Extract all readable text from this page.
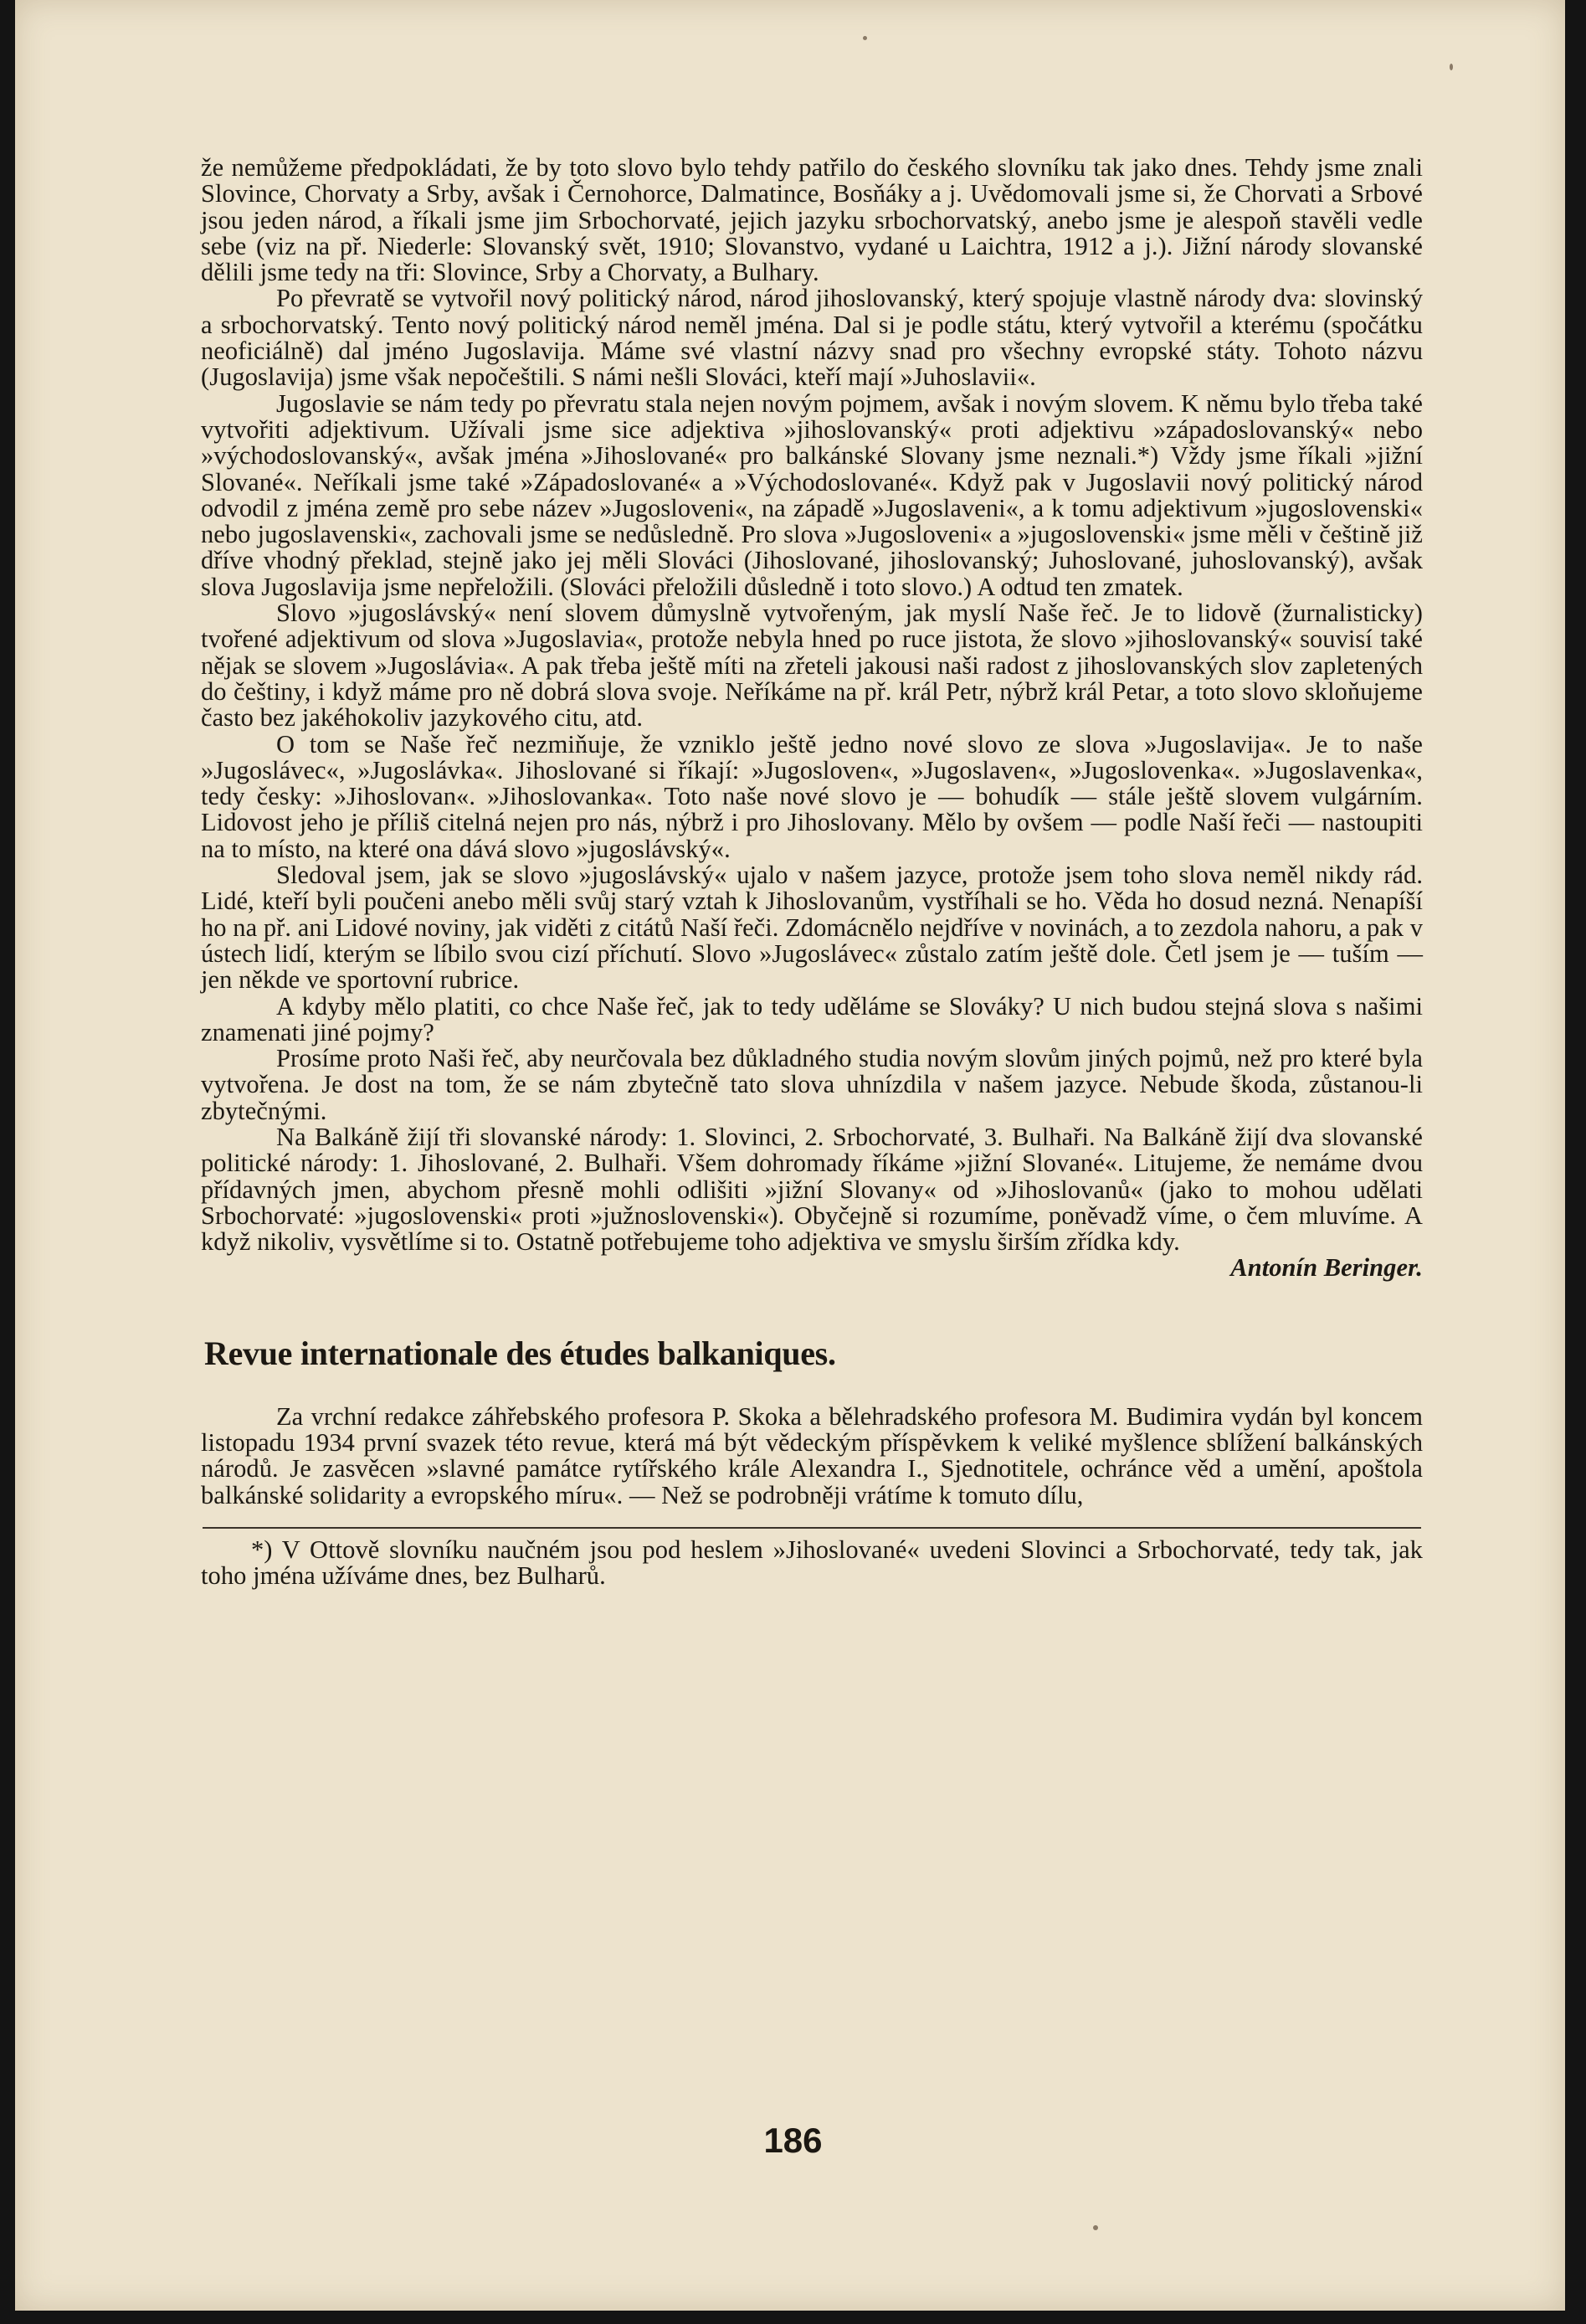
že nemůžeme předpokládati, že by toto slovo bylo tehdy patřilo do českého slovníku tak jako dnes. Tehdy jsme znali Slovince, Chorvaty a Srby, avšak i Černohorce, Dalmatince, Bosňáky a j. Uvědomovali jsme si, že Chorvati a Srbové jsou jeden národ, a říkali jsme jim Srbochorvaté, jejich jazyku srbochorvatský, anebo jsme je alespoň stavěli vedle sebe (viz na př. Niederle: Slovanský svět, 1910; Slovanstvo, vydané u Laichtra, 1912 a j.). Jižní národy slovanské dělili jsme tedy na tři: Slovince, Srby a Chorvaty, a Bulhary.

Po převratě se vytvořil nový politický národ, národ jihoslovanský, který spojuje vlastně národy dva: slovinský a srbochorvatský. Tento nový politický národ neměl jména. Dal si je podle státu, který vytvořil a kterému (spočátku neoficiálně) dal jméno Jugoslavija. Máme své vlastní názvy snad pro všechny evropské státy. Tohoto názvu (Jugoslavija) jsme však nepočeštili. S námi nešli Slováci, kteří mají »Juhoslavii«.

Jugoslavie se nám tedy po převratu stala nejen novým pojmem, avšak i novým slovem. K němu bylo třeba také vytvořiti adjektivum. Užívali jsme sice adjektiva »jihoslovanský« proti adjektivu »západoslovanský« nebo »východoslovanský«, avšak jména »Jihoslované« pro balkánské Slovany jsme neznali.*) Vždy jsme říkali »jižní Slované«. Neříkali jsme také »Západoslované« a »Východoslované«. Když pak v Jugoslavii nový politický národ odvodil z jména země pro sebe název »Jugosloveni«, na západě »Jugoslaveni«, a k tomu adjektivum »jugoslovenski« nebo jugoslavenski«, zachovali jsme se nedůsledně. Pro slova »Jugosloveni« a »jugoslovenski« jsme měli v češtině již dříve vhodný překlad, stejně jako jej měli Slováci (Jihoslované, jihoslovanský; Juhoslované, juhoslovanský), avšak slova Jugoslavija jsme nepřeložili. (Slováci přeložili důsledně i toto slovo.) A odtud ten zmatek.

Slovo »jugoslávský« není slovem důmyslně vytvořeným, jak myslí Naše řeč. Je to lidově (žurnalisticky) tvořené adjektivum od slova »Jugoslavia«, protože nebyla hned po ruce jistota, že slovo »jihoslovanský« souvisí také nějak se slovem »Jugoslávia«. A pak třeba ještě míti na zřeteli jakousi naši radost z jihoslovanských slov zapletených do češtiny, i když máme pro ně dobrá slova svoje. Neříkáme na př. král Petr, nýbrž král Petar, a toto slovo skloňujeme často bez jakéhokoliv jazykového citu, atd.

O tom se Naše řeč nezmiňuje, že vzniklo ještě jedno nové slovo ze slova »Jugoslavija«. Je to naše »Jugoslávec«, »Jugoslávka«. Jihoslované si říkají: »Jugosloven«, »Jugoslaven«, »Jugoslovenka«. »Jugoslavenka«, tedy česky: »Jihoslovan«. »Jihoslovanka«. Toto naše nové slovo je — bohudík — stále ještě slovem vulgárním. Lidovost jeho je příliš citelná nejen pro nás, nýbrž i pro Jihoslovany. Mělo by ovšem — podle Naší řeči — nastoupiti na to místo, na které ona dává slovo »jugoslávský«.

Sledoval jsem, jak se slovo »jugoslávský« ujalo v našem jazyce, protože jsem toho slova neměl nikdy rád. Lidé, kteří byli poučeni anebo měli svůj starý vztah k Jihoslovanům, vystříhali se ho. Věda ho dosud nezná. Nenapíší ho na př. ani Lidové noviny, jak viděti z citátů Naší řeči. Zdomácnělo nejdříve v novinách, a to zezdola nahoru, a pak v ústech lidí, kterým se líbilo svou cizí příchutí. Slovo »Jugoslávec« zůstalo zatím ještě dole. Četl jsem je — tuším — jen někde ve sportovní rubrice.

A kdyby mělo platiti, co chce Naše řeč, jak to tedy uděláme se Slováky? U nich budou stejná slova s našimi znamenati jiné pojmy?

Prosíme proto Naši řeč, aby neurčovala bez důkladného studia novým slovům jiných pojmů, než pro které byla vytvořena. Je dost na tom, že se nám zbytečně tato slova uhnízdila v našem jazyce. Nebude škoda, zůstanou-li zbytečnými.

Na Balkáně žijí tři slovanské národy: 1. Slovinci, 2. Srbochorvaté, 3. Bulhaři. Na Balkáně žijí dva slovanské politické národy: 1. Jihoslované, 2. Bulhaři. Všem dohromady říkáme »jižní Slované«. Litujeme, že nemáme dvou přídavných jmen, abychom přesně mohli odlišiti »jižní Slovany« od »Jihoslovanů« (jako to mohou udělati Srbochorvaté: »jugoslovenski« proti »južnoslovenski«). Obyčejně si rozumíme, poněvadž víme, o čem mluvíme. A když nikoliv, vysvětlíme si to. Ostatně potřebujeme toho adjektiva ve smyslu širším zřídka kdy.
Antonín Beringer.

Revue internationale des études balkaniques.

Za vrchní redakce záhřebského profesora P. Skoka a bělehradského profesora M. Budimira vydán byl koncem listopadu 1934 první svazek této revue, která má být vědeckým příspěvkem k veliké myšlence sblížení balkánských národů. Je zasvěcen »slavné památce rytířského krále Alexandra I., Sjednotitele, ochránce věd a umění, apoštola balkánské solidarity a evropského míru«. — Než se podrobněji vrátíme k tomuto dílu,

*) V Ottově slovníku naučném jsou pod heslem »Jihoslované« uvedeni Slovinci a Srbochorvaté, tedy tak, jak toho jména užíváme dnes, bez Bulharů.

186
